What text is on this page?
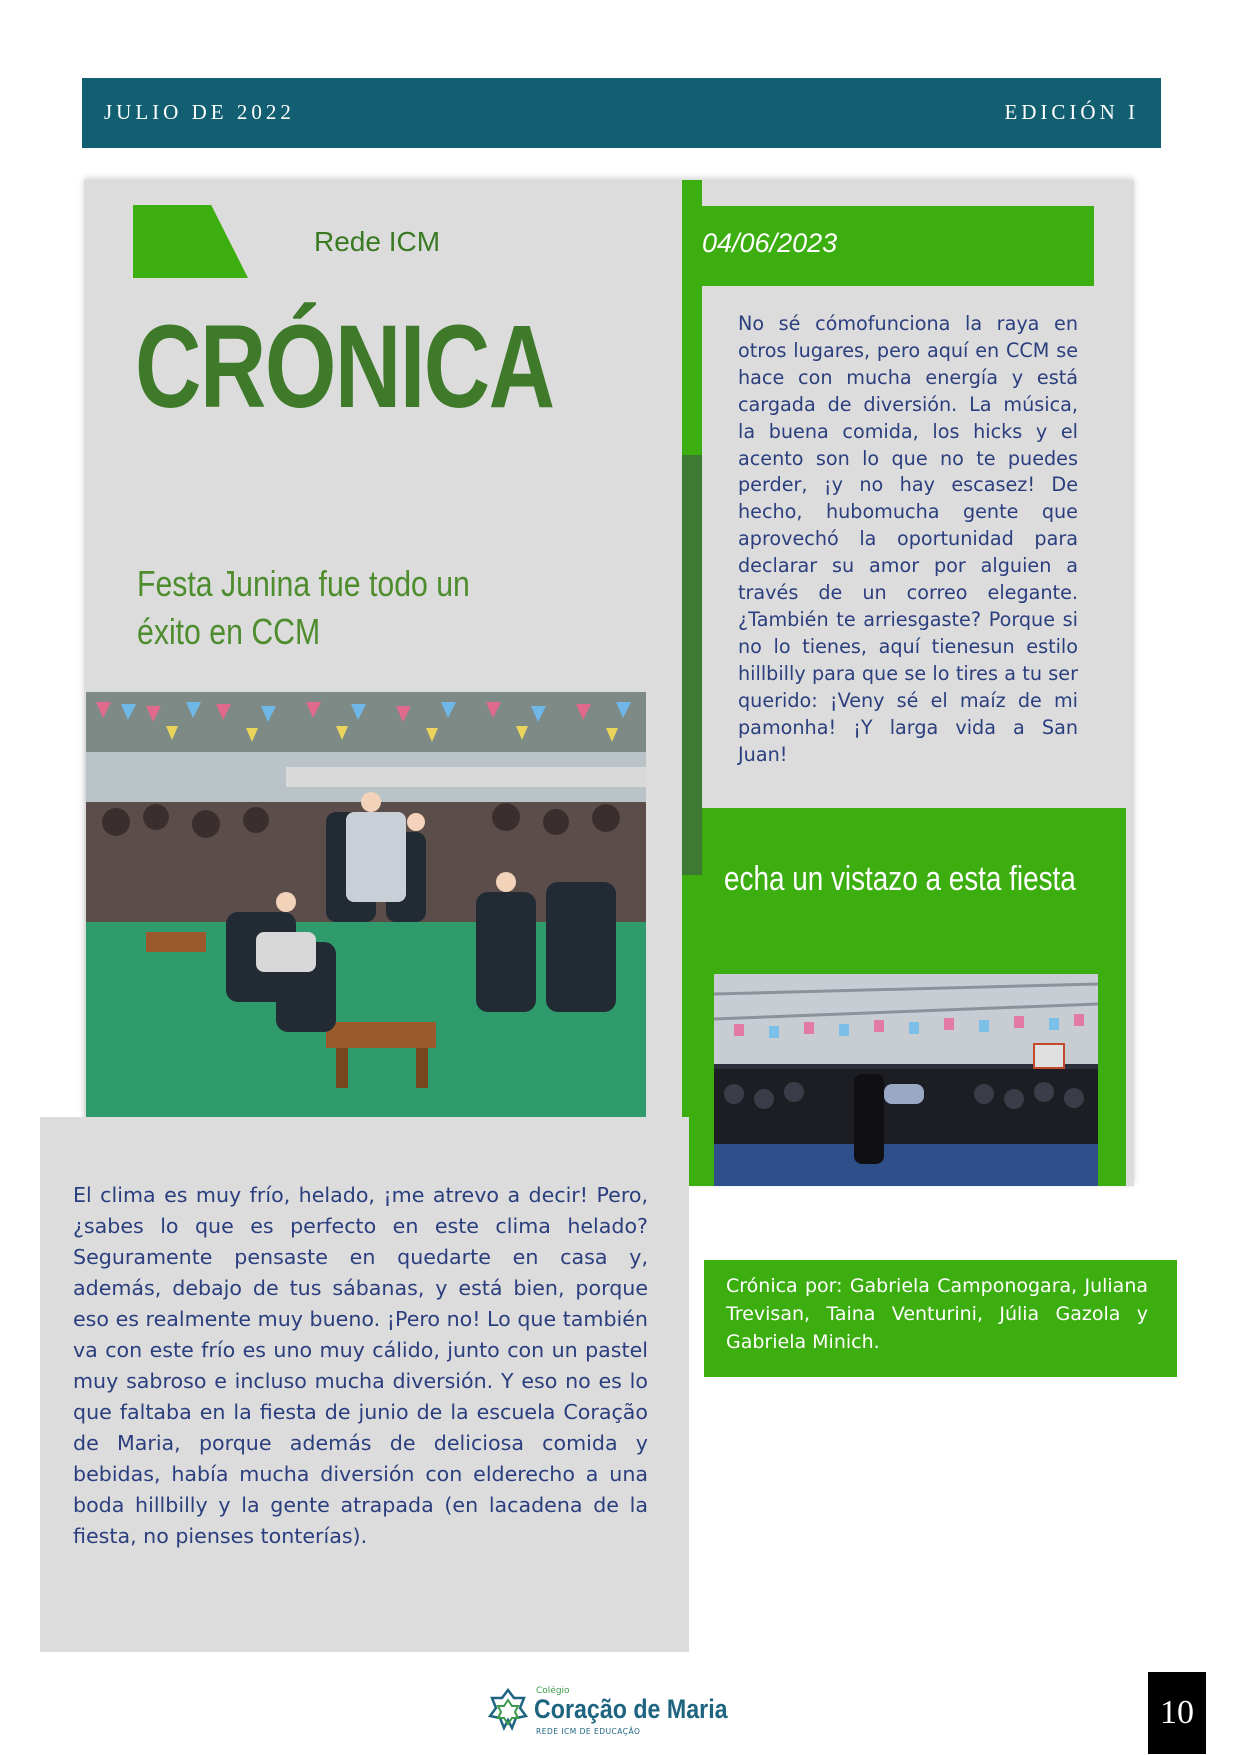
JULIO DE 2022	EDICIÓN I
Rede ICM
CRÓNICA
Festa Junina fue todo un éxito en CCM
04/06/2023
No sé cómofunciona la raya en otros lugares, pero aquí en CCM se hace con mucha energía y está cargada de diversión. La música, la buena comida, los hicks y el acento son lo que no te puedes perder, ¡y no hay escasez! De hecho, hubomucha gente que aprovechó la oportunidad para declarar su amor por alguien a través de un correo elegante. ¿También te arriesgaste? Porque si no lo tienes, aquí tienesun estilo hillbilly para que se lo tires a tu ser querido: ¡Veny sé el maíz de mi pamonha! ¡Y larga vida a San Juan!
echa un vistazo a esta fiesta
El clima es muy frío, helado, ¡me atrevo a decir! Pero, ¿sabes lo que es perfecto en este clima helado? Seguramente pensaste en quedarte en casa y, además, debajo de tus sábanas, y está bien, porque eso es realmente muy bueno. ¡Pero no! Lo que también va con este frío es uno muy cálido, junto con un pastel muy sabroso e incluso mucha diversión. Y eso no es lo que faltaba en la fiesta de junio de la escuela Coração de Maria, porque además de deliciosa comida y bebidas, había mucha diversión con elderecho a una boda hillbilly y la gente atrapada (en lacadena de la fiesta, no pienses tonterías).

Crónica por: Gabriela Camponogara, Juliana Trevisan, Taina Venturini, Júlia Gazola y Gabriela Minich.

Colégio
Coração de Maria
REDE ICM DE EDUCAÇÃO
10
